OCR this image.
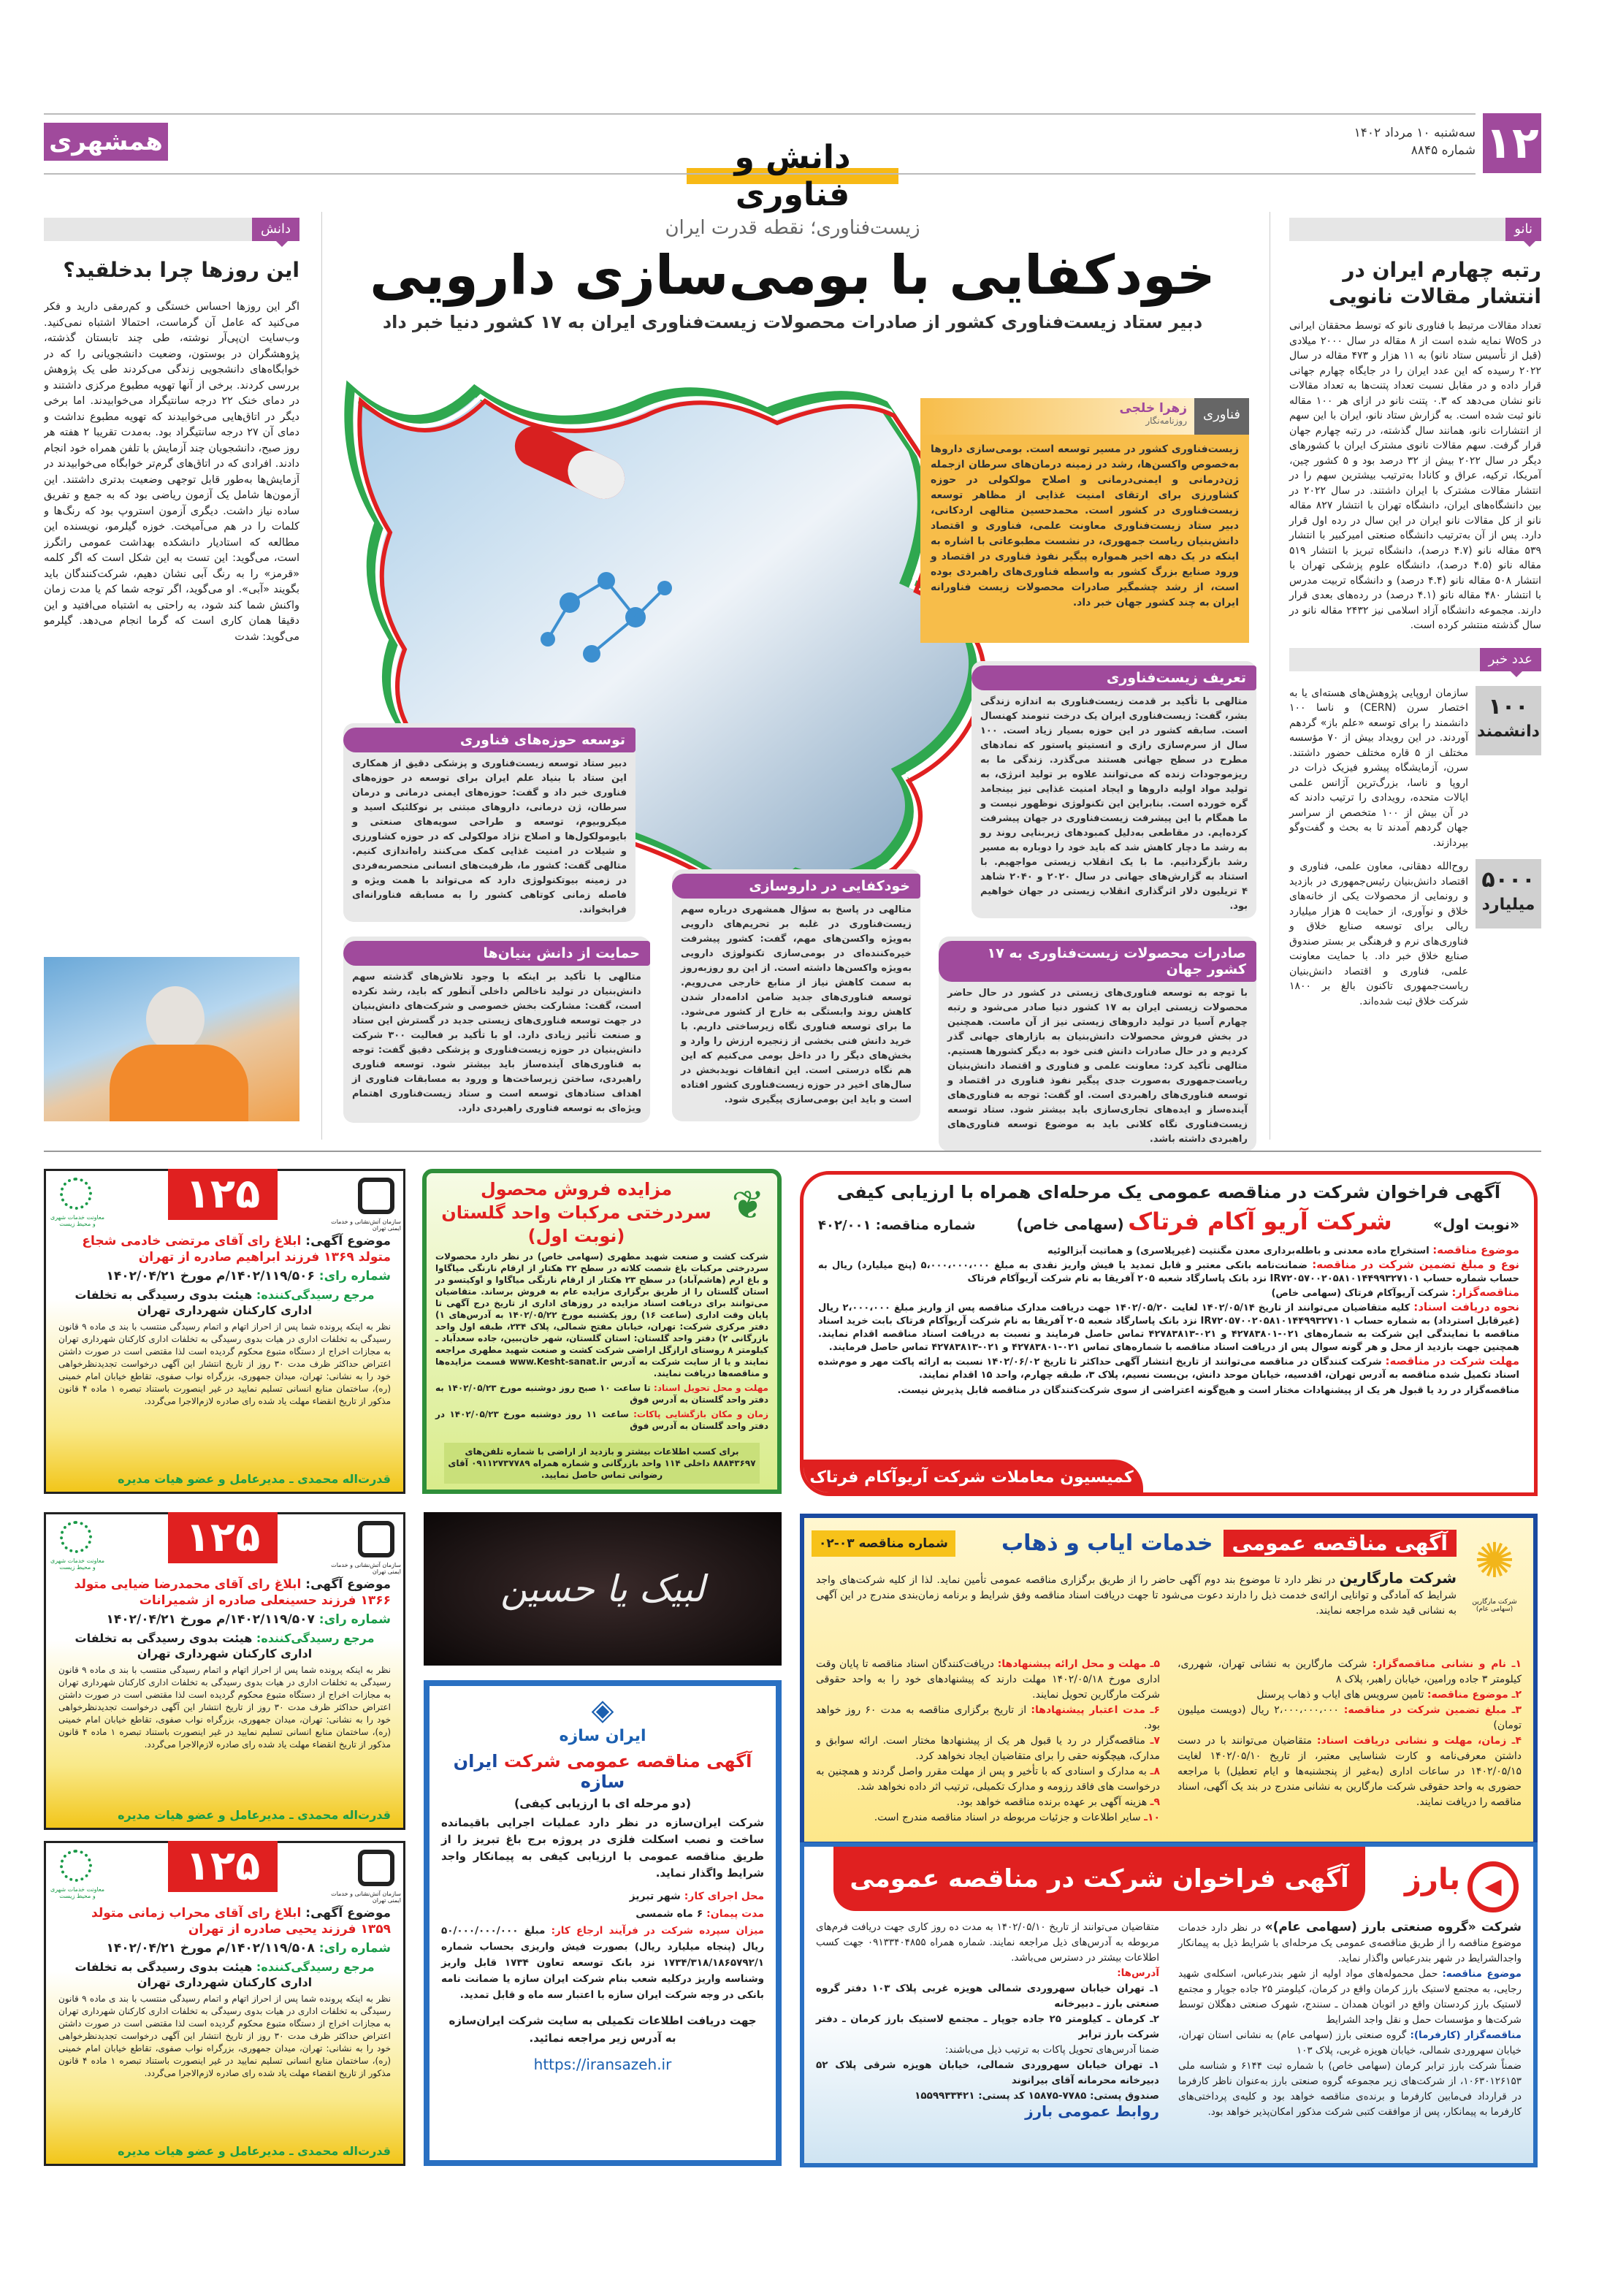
۱۲
سه‌شنبه ۱۰ مرداد ۱۴۰۲
شماره ۸۸۴۵
همشهری	دانش و فناوری
نانو
رتبه چهارم ایران در انتشار مقالات نانویی
تعداد مقالات مرتبط با فناوری نانو که توسط محققان ایرانی در WoS نمایه شده است از ۸ مقاله در سال ۲۰۰۰ میلادی (قبل از تأسیس ستاد نانو) به ۱۱ هزار و ۴۷۳ مقاله در سال ۲۰۲۲ رسیده که این عدد ایران را در جایگاه چهارم جهانی قرار داده و در مقابل نسبت تعداد پتنت‌ها به تعداد مقالات نانو نشان می‌دهد که ۰.۳ پتنت نانو در ازای هر ۱۰۰ مقاله نانو ثبت شده است. به گزارش ستاد نانو، ایران با این سهم از انتشارات نانو، همانند سال گذشته، در رتبه چهارم جهان قرار گرفت. سهم مقالات نانوی مشترک ایران با کشورهای دیگر در سال ۲۰۲۲ بیش از ۳۲ درصد بود و ۵ کشور چین، آمریکا، ترکیه، عراق و کانادا به‌ترتیب بیشترین سهم را در انتشار مقالات مشترک با ایران داشتند. در سال ۲۰۲۲ در بین دانشگاه‌های ایران، دانشگاه تهران با انتشار ۸۲۷ مقاله نانو از کل مقالات نانو ایران در این سال در رده اول قرار دارد. پس از آن به‌ترتیب دانشگاه صنعتی امیرکبیر با انتشار ۵۳۹ مقاله نانو (۴.۷ درصد)، دانشگاه تبریز با انتشار ۵۱۹ مقاله نانو (۴.۵ درصد)، دانشگاه علوم پزشکی تهران با انتشار ۵۰۸ مقاله نانو (۴.۴ درصد) و دانشگاه تربیت مدرس با انتشار ۴۸۰ مقاله نانو (۴.۱ درصد) در رده‌های بعدی قرار دارند. مجموعه دانشگاه آزاد اسلامی نیز ۲۴۳۲ مقاله نانو در سال گذشته منتشر کرده است.
عدد خبر
۱۰۰
دانشمند
سازمان اروپایی پژوهش‌های هسته‌ای یا به اختصار سرن (CERN) و ناسا ۱۰۰ دانشمند را برای توسعه «علم باز» گردهم آوردند. در این رویداد بیش از ۷۰ مؤسسه مختلف از ۵ قاره مختلف حضور داشتند. سرن، آزمایشگاه پیشرو فیزیک ذرات در اروپا و ناسا، بزرگ‌ترین آژانس علمی ایالات متحده، رویدادی را ترتیب دادند که در آن بیش از ۱۰۰ متخصص از سراسر جهان گردهم آمدند تا به بحث و گفت‌وگو بپردازند.
۵۰۰۰
میلیارد
روح‌الله دهقانی، معاون علمی، فناوری و اقتصاد دانش‌بنیان رئیس‌جمهوری در بازدید و رونمایی از محصولات یکی از خانه‌های خلاق و نوآوری، از حمایت ۵ هزار میلیارد ریالی برای توسعه صنایع خلاق و فناوری‌های نرم و فرهنگی بر بستر صندوق صنایع خلاق خبر داد. با حمایت معاونت علمی، فناوری و اقتصاد دانش‌بنیان ریاست‌جمهوری تاکنون بالغ بر ۱۸۰۰ شرکت خلاق ثبت شده‌اند.
دانش
این روزها چرا بدخلقید؟
اگر این روزها احساس خستگی و کم‌رمقی دارید و فکر می‌کنید که عامل آن گرماست، احتمالا اشتباه نمی‌کنید. وب‌سایت ان‌پی‌آر نوشته، طی چند تابستان گذشته، پژوهشگران در بوستون، وضعیت دانشجویانی را که در خوابگاه‌های دانشجویی زندگی می‌کردند طی یک پژوهش بررسی کردند. برخی از آنها تهویه مطبوع مرکزی داشتند و در دمای خنک ۲۲ درجه سانتیگراد می‌خوابیدند. اما برخی دیگر در اتاق‌هایی می‌خوابیدند که تهویه مطبوع نداشت و دمای آن ۲۷ درجه سانتیگراد بود. به‌مدت تقریبا ۲ هفته هر روز صبح، دانشجویان چند آزمایش با تلفن همراه خود انجام دادند. افرادی که در اتاق‌های گرم‌تر خوابگاه می‌خوابیدند در آزمایش‌ها به‌طور قابل توجهی وضعیت بدتری داشتند. این آزمون‌ها شامل یک آزمون ریاضی بود که به جمع و تفریق ساده نیاز داشت. دیگری آزمون استروپ بود که رنگ‌ها و کلمات را در هم می‌آمیخت. خوزه گیلرمو، نویسنده این مطالعه که استادیار دانشکده بهداشت عمومی راتگرز است، می‌گوید: این تست به این شکل است که اگر کلمه «قرمز» را به رنگ آبی نشان دهیم، شرکت‌کنندگان باید بگویند «آبی». او می‌گوید، اگر توجه شما کم یا مدت زمان واکنش شما کند شود، به راحتی به اشتباه می‌افتید و این دقیقا همان کاری است که گرما انجام می‌دهد. گیلرمو می‌گوید: شدت
زیست‌فناوری؛ نقطه قدرت ایران
خودکفایی با بومی‌سازی دارویی
دبیر ستاد زیست‌فناوری کشور از صادرات محصولات زیست‌فناوری ایران به ۱۷ کشور دنیا خبر داد
زهرا خلجی
روزنامه‌نگار	فناوری
زیست‌فناوری کشور در مسیر توسعه است. بومی‌سازی داروها به‌خصوص واکسن‌ها، رشد در زمینه درمان‌های سرطان ازجمله ژن‌درمانی و ایمنی‌درمانی و اصلاح مولکولی در حوزه کشاورزی برای ارتقای امنیت غذایی از مظاهر توسعه زیست‌فناوری در کشور است. محمدحسین متالهی اردکانی، دبیر ستاد زیست‌فناوری معاونت علمی، فناوری و اقتصاد دانش‌بنیان ریاست جمهوری، در نشست مطبوعاتی با اشاره به اینکه در یک دهه اخیر همواره پیگیر نفوذ فناوری در اقتصاد و ورود صنایع بزرگ کشور به واسطه فناوری‌های راهبردی بوده است، از رشد چشمگیر صادرات محصولات زیست فناورانه ایران به چند کشور جهان خبر داد.
تعریف زیست‌فناوری
متالهی با تأکید بر قدمت زیست‌فناوری به اندازه زندگی بشر، گفت: زیست‌فناوری ایران یک درخت تنومند کهنسال است. سابقه کشور در این حوزه بسیار زیاد است. ۱۰۰ سال از سرم‌سازی رازی و انستیتو پاستور که نمادهای مطرح در سطح جهانی هستند می‌گذرد. زندگی ما به ریزموجودات زنده که می‌توانند علاوه بر تولید انرژی، به تولید مواد اولیه داروها و ایجاد امنیت غذایی نیز بینجامد گره خورده است. بنابراین این تکنولوژی نوظهور نیست و ما همگام با این پیشرفت زیست‌فناوری در جهان پیشرفت کرده‌ایم. در مقاطعی به‌دلیل کمبودهای زیربنایی روند رو به رشد ما دچار کاهش شد که باید خود را دوباره به مسیر رشد بازگردانیم. ما با یک انقلاب زیستی مواجهیم. با استناد به گزارش‌های جهانی در سال ۲۰۲۰ و ۲۰۴۰ شاهد ۴ تریلیون دلار اثرگذاری انقلاب زیستی در جهان خواهیم بود.
توسعه حوزه‌های فناوری
دبیر ستاد توسعه زیست‌فناوری و پزشکی دقیق از همکاری این ستاد با بنیاد علم ایران برای توسعه در حوزه‌های فناوری خبر داد و گفت: حوزه‌های ایمنی درمانی و درمان سرطان، ژن درمانی، داروهای مبتنی بر نوکلئیک اسید و میکروبیوم، توسعه و طراحی سویه‌های صنعتی و بایومولکول‌ها و اصلاح نژاد مولکولی که در حوزه کشاورزی و شیلات در امنیت غذایی کمک می‌کنند راه‌اندازی کنیم. متالهی گفت: کشور ما، ظرفیت‌های انسانی منحصربه‌فردی در زمینه بیوتکنولوژی دارد که می‌تواند با همت ویژه و فاصله زمانی کوتاهی کشور را به مسابقه فناورانه‌ای فرابخواند.
خودکفایی در داروسازی
متالهی در پاسخ به سؤال همشهری درباره سهم زیست‌فناوری در غلبه بر تحریم‌های دارویی به‌ویژه واکسن‌های مهم، گفت: کشور پیشرفت خیره‌کننده‌ای در بومی‌سازی تکنولوژی دارویی به‌ویژه واکسن‌ها داشته است. از این رو روزبه‌روز به سمت کاهش نیاز از منابع خارجی می‌رویم. توسعه فناوری‌های جدید ضامن ادامه‌دار شدن کاهش روند وابستگی به خارج از کشور می‌شود. ما برای توسعه فناوری نگاه زیرساختی داریم. با خرید دانش فنی بخشی از زنجیره ارزش را وارد و بخش‌های دیگر را در داخل بومی می‌کنیم که این هم نگاه درستی است. این اتفاقات نویدبخش در سال‌های اخیر در حوزه زیست‌فناوری کشور افتاده است و باید این بومی‌سازی پیگیری شود.
حمایت از دانش بنیان‌ها
متالهی با تأکید بر اینکه با وجود تلاش‌های گذشته سهم دانش‌بنیان در تولید ناخالص داخلی آنطور که باید، رشد نکرده است، گفت: مشارکت بخش خصوصی و شرکت‌های دانش‌بنیان در جهت توسعه فناوری‌های زیستی جدید در گسترش این ستاد و صنعت تأثیر زیادی دارد. او با تأکید بر فعالیت ۳۰۰ شرکت دانش‌بنیان در حوزه زیست‌فناوری و پزشکی دقیق گفت: توجه به فناوری‌های آینده‌ساز باید بیشتر شود. توسعه فناوری راهبردی، ساختن زیرساخت‌ها و ورود به مسابقات فناوری از اهداف ستادهای توسعه است و ستاد زیست‌فناوری اهتمام ویژه‌ای به توسعه فناوری راهبردی دارد.
صادرات محصولات زیست‌فناوری به ۱۷ کشور جهان
با توجه به توسعه فناوری‌های زیستی در کشور در حال حاضر محصولات زیستی ایران به ۱۷ کشور دنیا صادر می‌شود و رتبه چهارم آسیا در تولید داروهای زیستی نیز از آن ماست. همچنین در بخش فروش محصولات دانش‌بنیان به بازارهای جهانی گذر کردیم و در حال صادرات دانش فنی خود به دیگر کشورها هستیم. متالهی تأکید کرد: معاونت علمی و فناوری و اقتصاد دانش‌بنیان ریاست‌جمهوری به‌صورت جدی پیگیر نفوذ فناوری در اقتصاد و توسعه فناوری‌های راهبردی است. او گفت: توجه به فناوری‌های آینده‌ساز و ایده‌های تجاری‌سازی باید بیشتر شود. ستاد توسعه زیست‌فناوری نگاه کلانی باید به موضوع توسعه فناوری‌های راهبردی داشته باشد.
۱۲۵
سازمان آتش‌نشانی و خدمات ایمنی تهران
معاونت خدمات شهری و محیط زیست
موضوع آگهی: ابلاغ رای آقای مرتضی خادمی شجاع متولد ۱۳۶۹ فرزند ابراهیم صادره از تهران
شماره رای: ۱۴۰۲/۱۱۹/۵۰۶/م مورخ ۱۴۰۲/۰۴/۲۱
مرجع رسیدگی‌کننده: هیئت بدوی رسیدگی به تخلفات اداری کارکنان شهرداری تهران
نظر به اینکه پرونده شما پس از احراز اتهام و اتمام رسیدگی منتسب با بند ی ماده ۹ قانون رسیدگی به تخلفات اداری در هیات بدوی رسیدگی به تخلفات اداری کارکنان شهرداری تهران به مجازات اخراج از دستگاه متبوع محکوم گردیده است لذا مقتضی است در صورت داشتن اعتراض حداکثر ظرف مدت ۳۰ روز از تاریخ انتشار این آگهی درخواست تجدیدنظرخواهی خود را به نشانی: تهران، میدان جمهوری، بزرگراه نواب صفوی، تقاطع خیابان امام خمینی (ره)، ساختمان منابع انسانی تسلیم نمایید در غیر اینصورت باستناد تبصره ۱ ماده ۴ قانون مذکور از تاریخ انقضاء مهلت یاد شده رای صادره لازم‌الاجرا می‌گردد.
قدرت‌اله محمدی ـ مدیرعامل و عضو هیات مدیره
۱۲۵
سازمان آتش‌نشانی و خدمات ایمنی تهران
معاونت خدمات شهری و محیط زیست
موضوع آگهی: ابلاغ رای آقای محمدرضا ضیایی متولد ۱۳۶۶ فرزند حسینعلی صادره از شمیرانات
شماره رای: ۱۴۰۲/۱۱۹/۵۰۷/م مورخ ۱۴۰۲/۰۴/۲۱
مرجع رسیدگی‌کننده: هیئت بدوی رسیدگی به تخلفات اداری کارکنان شهرداری تهران
نظر به اینکه پرونده شما پس از احراز اتهام و اتمام رسیدگی منتسب با بند ی ماده ۹ قانون رسیدگی به تخلفات اداری در هیات بدوی رسیدگی به تخلفات اداری کارکنان شهرداری تهران به مجازات اخراج از دستگاه متبوع محکوم گردیده است لذا مقتضی است در صورت داشتن اعتراض حداکثر ظرف مدت ۳۰ روز از تاریخ انتشار این آگهی درخواست تجدیدنظرخواهی خود را به نشانی: تهران، میدان جمهوری، بزرگراه نواب صفوی، تقاطع خیابان امام خمینی (ره)، ساختمان منابع انسانی تسلیم نمایید در غیر اینصورت باستناد تبصره ۱ ماده ۴ قانون مذکور از تاریخ انقضاء مهلت یاد شده رای صادره لازم‌الاجرا می‌گردد.
قدرت‌اله محمدی ـ مدیرعامل و عضو هیات مدیره
۱۲۵
سازمان آتش‌نشانی و خدمات ایمنی تهران
معاونت خدمات شهری و محیط زیست
موضوع آگهی: ابلاغ رای آقای محراب زمانی متولد ۱۳۵۹ فرزند یحیی صادره از تهران
شماره رای: ۱۴۰۲/۱۱۹/۵۰۸/م مورخ ۱۴۰۲/۰۴/۲۱
مرجع رسیدگی‌کننده: هیئت بدوی رسیدگی به تخلفات اداری کارکنان شهرداری تهران
نظر به اینکه پرونده شما پس از احراز اتهام و اتمام رسیدگی منتسب با بند ی ماده ۹ قانون رسیدگی به تخلفات اداری در هیات بدوی رسیدگی به تخلفات اداری کارکنان شهرداری تهران به مجازات اخراج از دستگاه متبوع محکوم گردیده است لذا مقتضی است در صورت داشتن اعتراض حداکثر ظرف مدت ۳۰ روز از تاریخ انتشار این آگهی درخواست تجدیدنظرخواهی خود را به نشانی: تهران، میدان جمهوری، بزرگراه نواب صفوی، تقاطع خیابان امام خمینی (ره)، ساختمان منابع انسانی تسلیم نمایید در غیر اینصورت باستناد تبصره ۱ ماده ۴ قانون مذکور از تاریخ انقضاء مهلت یاد شده رای صادره لازم‌الاجرا می‌گردد.
قدرت‌اله محمدی ـ مدیرعامل و عضو هیات مدیره
❦
مزایده فروش محصول سردرختی مرکبات واحد گلستان (نوبت اول)
شرکت کشت و صنعت شهید مطهری (سهامی خاص) در نظر دارد محصولات سردرختی مرکبات باغ شصت کلاته در سطح ۳۲ هکتار از ارقام نارنگی میاگاوا و باغ ارم (هاشم‌آباد) در سطح ۲۳ هکتار از ارقام نارنگی میاگاوا و اوکیتسو در استان گلستان را از طریق برگزاری مزایده عام به فروش برساند. متقاضیان می‌توانند برای دریافت اسناد مزایده در روزهای اداری از تاریخ درج آگهی تا پایان وقت اداری (ساعت ۱۶) روز یکشنبه مورخ ۱۴۰۲/۰۵/۲۲ به آدرس‌های ۱) دفتر مرکزی شرکت: تهران، خیابان مفتح شمالی، پلاک ۲۳۴، طبقه اول واحد بازرگانی ۲) دفتر واحد گلستان: استان گلستان، شهر خان‌ببین، جاده سعدآباد ـ کیلومتر ۸ روستای ارازگل اراضی شرکت کشت و صنعت شهید مطهری مراجعه نمایند و یا از سایت شرکت به آدرس www.Kesht-sanat.ir قسمت مزایده‌ها و مناقصه‌ها دریافت نمایند.
مهلت و محل تحویل اسناد: تا ساعت ۱۰ صبح روز دوشنبه مورخ ۱۴۰۲/۰۵/۲۳ به دفتر واحد گلستان به آدرس فوق
زمان و مکان بازگشایی پاکات: ساعت ۱۱ روز دوشنبه مورخ ۱۴۰۲/۰۵/۲۳ در دفتر واحد گلستان به آدرس فوق
برای کسب اطلاعات بیشتر و بازدید از اراضی با شماره تلفن‌های ۸۸۸۴۳۶۹۷ داخلی ۱۱۴ واحد بازرگانی و شماره همراه ۰۹۱۱۲۷۳۷۷۸۹ آقای رضوانی تماس حاصل نمایید.
آگهی فراخوان شرکت در مناقصه عمومی یک مرحله‌ای همراه با ارزیابی کیفی
«نوبت اول»
شرکت آریو آکام فرتاک (سهامی خاص)
شماره مناقصه: ۴۰۲/۰۰۱
موضوع مناقصه: استخراج ماده معدنی و باطله‌برداری معدن مگنتیت (غیرپلاسری) و هماتیت آبزالوئیه
نوع و مبلغ تضمین شرکت در مناقصه: ضمانت‌نامه بانکی معتبر و قابل تمدید یا فیش واریز نقدی به مبلغ ۵،۰۰۰،۰۰۰،۰۰۰ (پنج میلیارد) ریال به حساب شماره حساب IR۷۲۰۵۷۰۰۲۰۵۸۱۰۱۴۴۹۹۳۲۷۱۰۱ نزد بانک پاسارگاد شعبه ۲۰۵ آفریقا به نام شرکت آریوآکام فرتاک
مناقصه‌گزار: شرکت آریوآکام فرتاک (سهامی خاص)
نحوه دریافت اسناد: کلیه متقاضیان می‌توانند از تاریخ ۱۴۰۲/۰۵/۱۴ لغایت ۱۴۰۲/۰۵/۲۰ جهت دریافت مدارک مناقصه پس از واریز مبلغ ۲،۰۰۰،۰۰۰ ریال (غیرقابل استرداد) به شماره حساب IR۷۲۰۵۷۰۰۲۰۵۸۱۰۱۴۴۹۹۳۲۷۱۰۱ نزد بانک پاسارگاد شعبه ۲۰۵ آفریقا به نام شرکت آریوآکام فرتاک بابت خرید اسناد مناقصه با نمایندگی این شرکت به شماره‌های ۰۲۱-۴۲۷۸۳۸۰۱ و ۰۲۱-۴۲۷۸۳۸۱۳ تماس حاصل فرمایند و نسبت به دریافت اسناد مناقصه اقدام نمایند. همچنین جهت بازدید از محل و هر گونه سوال پس از دریافت اسناد مناقصه با شماره‌های تماس ۰۲۱-۴۲۷۸۳۸۰۱ و ۰۲۱-۴۲۷۸۳۸۱۳ تماس حاصل فرمایند.
مهلت شرکت در مناقصه: شرکت کنندگان در مناقصه می‌توانند از تاریخ انتشار آگهی حداکثر تا تاریخ ۱۴۰۲/۰۶/۰۲ نسبت به ارائه پاکت مهر و موم‌شده اسناد تکمیل شده مناقصه به آدرس تهران، اقدسیه، خیابان موحد دانش، بن‌بست نسیم، پلاک ۳، طبقه چهارم، واحد ۱۵ اقدام نمایند.
مناقصه‌گزار در رد یا قبول هر یک از پیشنهادات مختار است و هیچ‌گونه اعتراضی از سوی شرکت‌کنندگان در مناقصه قابل پذیرش نیست.
کمیسیون معاملات شرکت آریوآکام فرتاک
لبیک یا حسین
◈
ایران سازه
آگهی مناقصه عمومی شرکت ایران سازه
(دو مرحله ای با ارزیابی کیفی)
شرکت ایران‌سازه در نظر دارد عملیات اجرایی باقیمانده ساخت و نصب اسکلت فلزی در پروژه برج باغ تبریز را از طریق مناقصه عمومی با ارزیابی کیفی به پیمانکار واجد شرایط واگذار نماید.
محل اجرای کار: شهر تبریز
مدت پیمان: ۶ ماه شمسی
میزان سپرده شرکت در فرآیند ارجاع کار: مبلغ ۵۰/۰۰۰/۰۰۰/۰۰۰ ریال (پنجاه میلیارد ریال) بصورت فیش واریزی بحساب شماره ۱۷۳۴/۳۱۸/۱۸۶۵۷۹۲/۱ نزد بانک توسعه تعاون ۱۷۳۴ قابل واریز وشناسه واریز درکلیه شعب بنام شرکت ایران سازه یا ضمانت نامه بانکی در وجه شرکت ایران سازه با اعتبار سه ماه و قابل تمدید.
جهت دریافت اطلاعات تکمیلی به سایت شرکت ایران‌سازه به آدرس زیر مراجعه نمائید.
https://iransazeh.ir
✺
شرکت مارگارین (سهامی عام)
آگهی مناقصه عمومی
خدمات ایاب و ذهاب
شماره مناقصه ۰۳-۰۲
شرکت مارگارین در نظر دارد تا موضوع بند دوم آگهی حاضر را از طریق برگزاری مناقصه عمومی تأمین نماید. لذا از کلیه شرکت‌های واجد شرایط که آمادگی و توانایی ارائه‌ی خدمت ذیل را دارند دعوت می‌شود تا جهت دریافت اسناد مناقصه وفق شرایط و برنامه زمان‌بندی مندرج در این آگهی به نشانی قید شده مراجعه نمایند.
۱ـ نام و نشانی مناقصه‌گزار: شرکت مارگارین به نشانی تهران، شهرری، کیلومتر ۳ جاده ورامین، خیابان راهبر، پلاک ۸
۲ـ موضوع مناقصه: تامین سرویس های ایاب و ذهاب پرسنل
۳ـ مبلغ تضمین شرکت در مناقصه: ۲،۰۰۰،۰۰۰،۰۰۰ ریال (دویست میلیون تومان)
۴ـ زمان، مهلت و نشانی دریافت اسناد: متقاضیان می‌توانند با در دست داشتن معرفی‌نامه و کارت شناسایی معتبر، از تاریخ ۱۴۰۲/۰۵/۱۰ لغایت ۱۴۰۲/۰۵/۱۵ در ساعات اداری (به‌غیر از پنجشنبه‌ها و ایام تعطیل) با مراجعه حضوری به واحد حقوقی شرکت مارگارین به نشانی مندرج در بند یک آگهی، اسناد مناقصه را دریافت نمایند.
۵ـ مهلت و محل ارائه پیشنهادها: دریافت‌کنندگان اسناد مناقصه تا پایان وقت اداری مورخ ۱۴۰۲/۰۵/۱۸ مهلت دارند که پیشنهادهای خود را به واحد حقوقی شرکت مارگارین تحویل نمایند.
۶ـ مدت اعتبار پیشنهادها: از تاریخ برگزاری مناقصه به مدت ۶۰ روز خواهد بود.
۷ـ مناقصه‌گزار در رد یا قبول هر یک از پیشنهادها مختار است. ارائه سوابق و مدارک، هیچگونه حقی را برای متقاضیان ایجاد نخواهد کرد.
۸ـ به مدارک و اسنادی که با تأخیر و پس از مهلت مقرر واصل گردند و همچنین به درخواست های فاقد رزومه و مدارک تکمیلی، ترتیب اثر داده نخواهد شد.
۹ـ هزینه آگهی بر عهده برنده مناقصه خواهد بود.
۱۰ـ سایر اطلاعات و جزئیات مربوطه در اسناد مناقصه مندرج است.
◀
بارز
آگهی فراخوان شرکت در مناقصه عمومی
شرکت «گروه صنعتی بارز (سهامی عام)» در نظر دارد خدمات موضوع مناقصه را از طریق مناقصه‌ی عمومی یک مرحله‌ای با شرایط ذیل به پیمانکار واجدالشرایط در شهر بندرعباس واگذار نماید.
موضوع مناقصه: حمل محموله‌های مواد اولیه از شهر بندرعباس، اسکله‌ی شهید رجایی، به مجتمع لاستیک بارز کرمان واقع در کرمان، کیلومتر ۲۵ جاده جوپار و مجتمع لاستیک بارز کردستان واقع در اتوبان همدان ـ سنندج، شهرک صنعتی دهگلان توسط شرکت‌ها و مؤسسات حمل و نقل واجد الشرایط
مناقصه‌گزار (کارفرما): گروه صنعتی بارز (سهامی عام) به نشانی استان تهران، خیابان سهروردی شمالی، خیابان هویزه غربی، پلاک ۱۰۳
ضمناً شرکت بارز ترابر کرمان (سهامی خاص) با شماره ثبت ۶۱۴۴ و شناسه ملی ۱۰۶۳۰۱۲۶۱۵۳، از شرکت‌های زیر مجموعه گروه صنعتی بارز به‌عنوان ناظر کارفرما در قرارداد فی‌مابین کارفرما و برنده‌ی مناقصه خواهد بود و کلیه‌ی پرداختی‌های کارفرما به پیمانکار، پس از موافقت کتبی شرکت مذکور امکان‌پذیر خواهد بود.
متقاضیان می‌توانند از تاریخ ۱۴۰۲/۰۵/۱۰ به مدت ده روز کاری جهت دریافت فرم‌های مربوطه به آدرس‌های ذیل مراجعه نمایند. شماره همراه ۰۹۱۳۳۴۰۴۸۵۵ جهت کسب اطلاعات بیشتر در دسترس می‌باشد.
آدرس‌ها:
۱ـ تهران خیابان سهروردی شمالی هویزه غربی پلاک ۱۰۳ دفتر گروه صنعتی بارز ـ دبیرخانه
۲ـ کرمان ـ کیلومتر ۲۵ جاده جوپار ـ مجتمع لاستیک بارز کرمان ـ دفتر شرکت بارز ترابر
ضمنا آدرس‌های تحویل پاکات به ترتیب ذیل می‌باشند:
۱ـ تهران خیابان سهروردی شمالی، خیابان هویزه شرقی پلاک ۵۲ دبیرخانه محرمانه آقای بیرانوند
صندوق پستی: ۷۷۸۵-۱۵۸۷۵ کد پستی: ۱۵۵۹۹۳۳۴۲۱
روابط عمومی بارز
